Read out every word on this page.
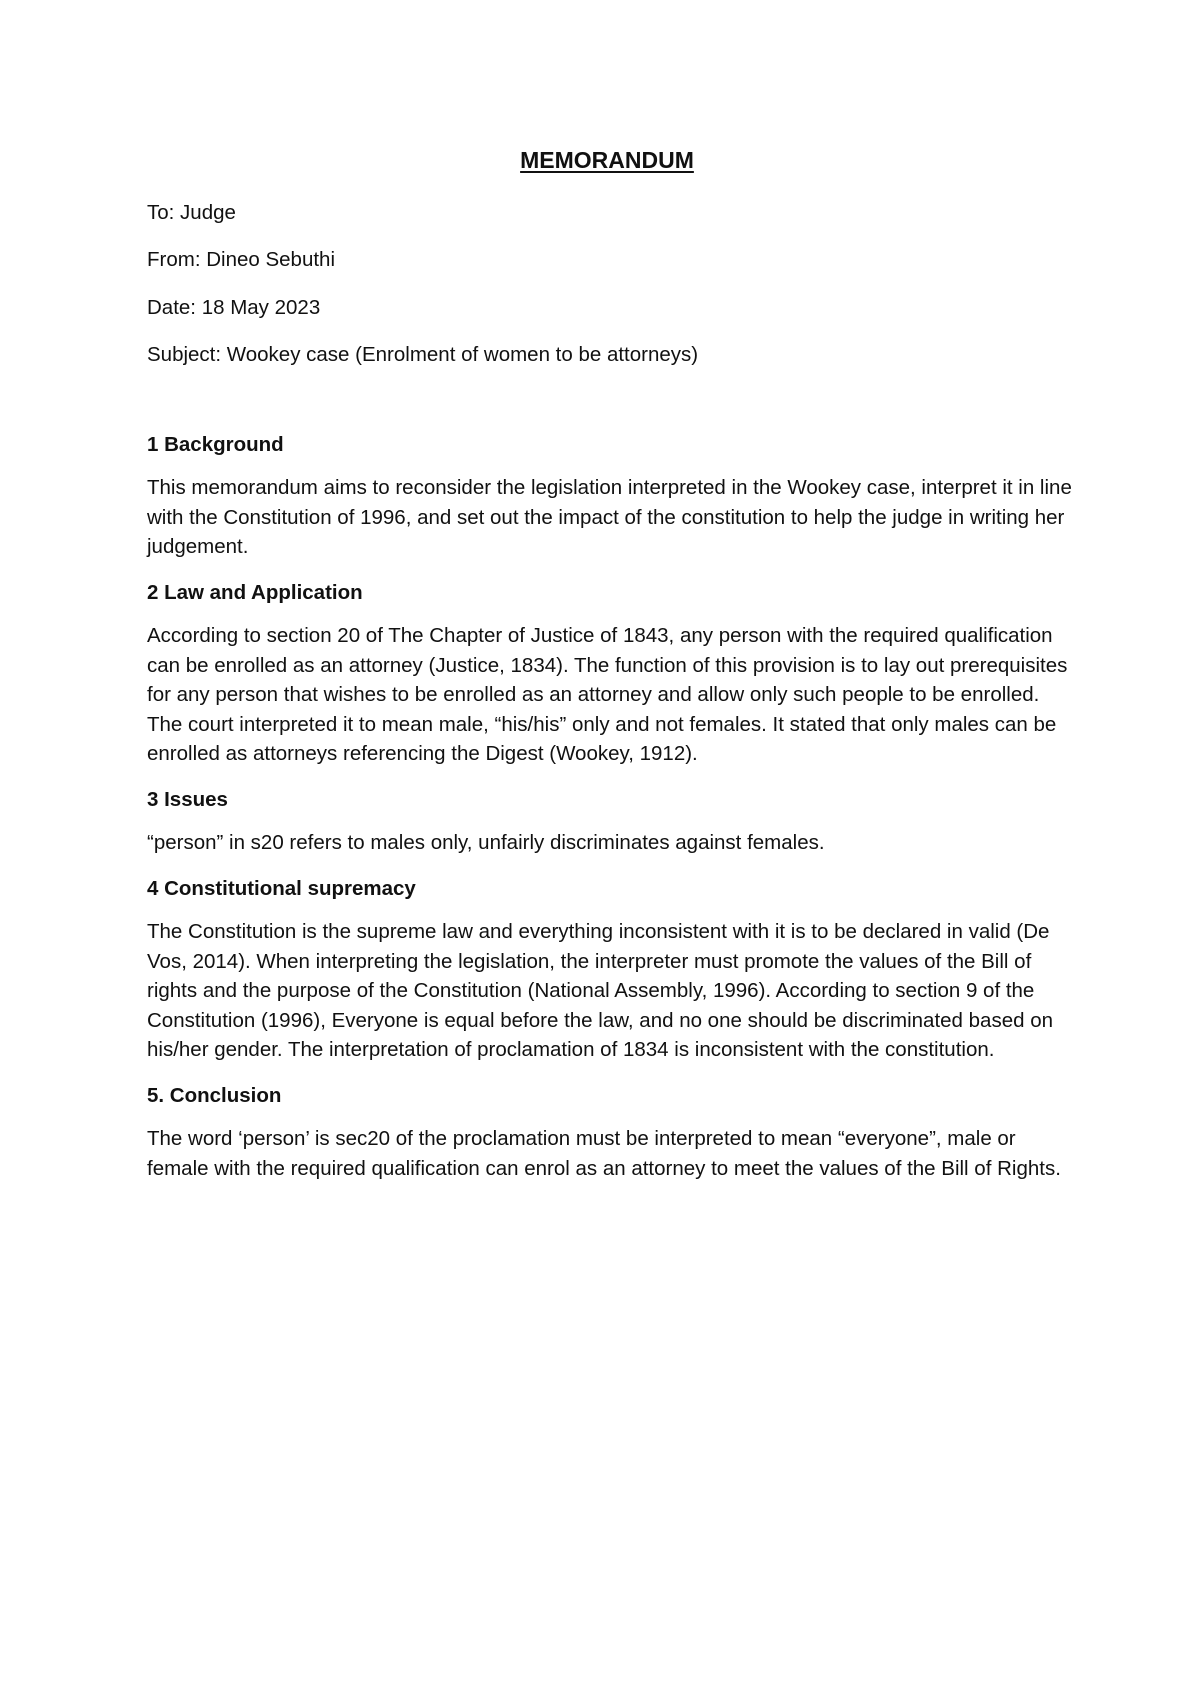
MEMORANDUM
To: Judge
From: Dineo Sebuthi
Date: 18 May 2023
Subject: Wookey case (Enrolment of women to be attorneys)
1 Background
This memorandum aims to reconsider the legislation interpreted in the Wookey case, interpret it in line with the Constitution of 1996, and set out the impact of the constitution to help the judge in writing her judgement.
2 Law and Application
According to section 20 of The Chapter of Justice of 1843, any person with the required qualification can be enrolled as an attorney (Justice, 1834). The function of this provision is to lay out prerequisites for any person that wishes to be enrolled as an attorney and allow only such people to be enrolled. The court interpreted it to mean male, “his/his” only and not females. It stated that only males can be enrolled as attorneys referencing the Digest (Wookey, 1912).
3 Issues
“person” in s20 refers to males only, unfairly discriminates against females.
4 Constitutional supremacy
The Constitution is the supreme law and everything inconsistent with it is to be declared in valid (De Vos, 2014). When interpreting the legislation, the interpreter must promote the values of the Bill of rights and the purpose of the Constitution (National Assembly, 1996). According to section 9 of the Constitution (1996), Everyone is equal before the law, and no one should be discriminated based on his/her gender. The interpretation of proclamation of 1834 is inconsistent with the constitution.
5. Conclusion
The word ‘person’ is sec20 of the proclamation must be interpreted to mean “everyone”, male or female with the required qualification can enrol as an attorney to meet the values of the Bill of Rights.
